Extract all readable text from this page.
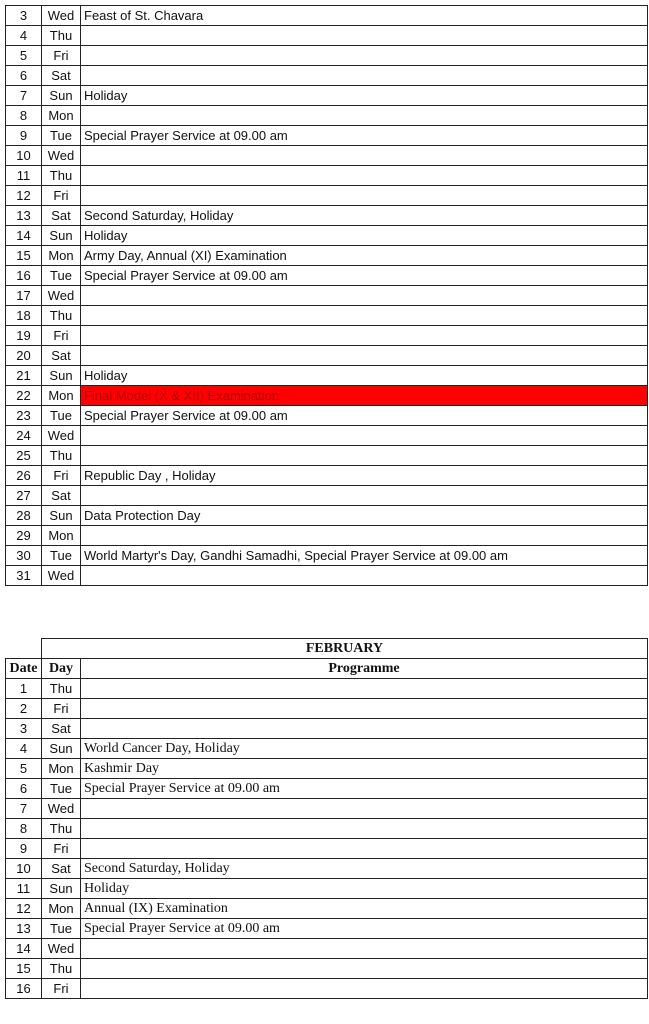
3	Wed	Feast of St. Chavara
4	Thu	
5	Fri	
6	Sat	
7	Sun	Holiday
8	Mon	
9	Tue	Special Prayer Service at 09.00 am
10	Wed	
11	Thu	
12	Fri	
13	Sat	Second Saturday, Holiday
14	Sun	Holiday
15	Mon	Army Day, Annual (XI) Examination
16	Tue	Special Prayer Service at 09.00 am
17	Wed	
18	Thu	
19	Fri	
20	Sat	
21	Sun	Holiday
22	Mon	Final Model (X & XII) Examination
23	Tue	Special Prayer Service at 09.00 am
24	Wed	
25	Thu	
26	Fri	Republic Day , Holiday
27	Sat	
28	Sun	Data Protection Day
29	Mon	
30	Tue	World Martyr's Day, Gandhi Samadhi, Special Prayer Service at 09.00 am
31	Wed	
	FEBRUARY	
Date	Day	Programme
1	Thu	
2	Fri	
3	Sat	
4	Sun	World Cancer Day, Holiday
5	Mon	Kashmir Day
6	Tue	Special Prayer Service at 09.00 am
7	Wed	
8	Thu	
9	Fri	
10	Sat	Second Saturday, Holiday
11	Sun	Holiday
12	Mon	Annual (IX) Examination
13	Tue	Special Prayer Service at 09.00 am
14	Wed	
15	Thu	
16	Fri	
